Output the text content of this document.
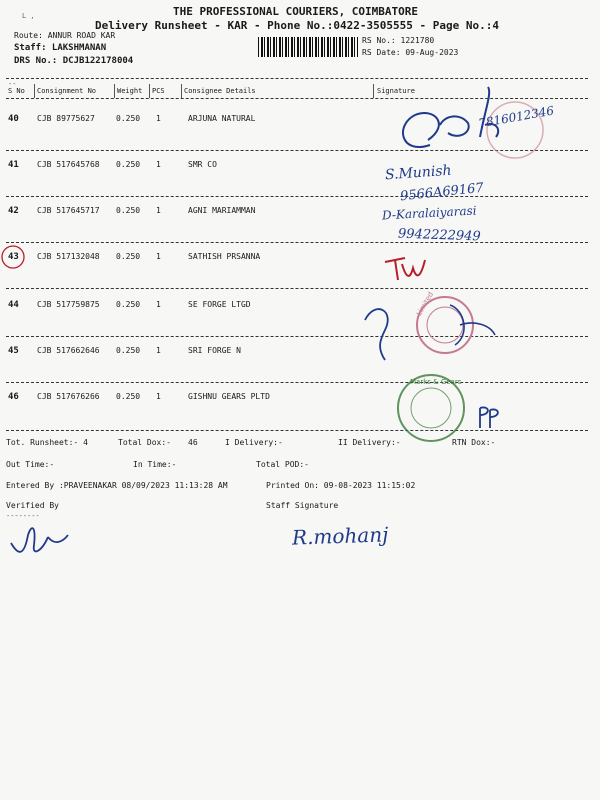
L ,	THE PROFESSIONAL COURIERS, COIMBATORE
Delivery Runsheet - KAR - Phone No.:0422-3505555 - Page No.:4
Route: ANNUR ROAD KAR
Staff: LAKSHMANAN
DRS No.: DCJB122178004
RS No.: 1221780
RS Date: 09-Aug-2023
--
S No Consignment No	Weight PCS	Consignee Details	Signature
40 CJB 89775627	0.250 1	ARJUNA NATURAL
41 CJB 517645768 0.250 1	SMR CO
42 CJB 517645717 0.250 1	AGNI MARIAMMAN
43 CJB 517132048 0.250 1	SATHISH PRSANNA
44 CJB 517759875 0.250 1	SE FORGE LTGD
45 CJB 517662646 0.250 1	SRI FORGE N
46 CJB 517676266 0.250 1	GISHNU GEARS PLTD
Tot. Runsheet:- 4	Total Dox:- 46	I Delivery:-	II Delivery:-	RTN Dox:-
Out Time:-	In Time:-	Total POD:-
Entered By :PRAVEENAKAR 08/09/2023 11:13:28 AM	Printed On: 09-08-2023 11:15:02
Verified By	Staff Signature
--------
7816012346
S.Munish
9566A69167
D-Karalaiyarasi
9942222949
Limited
Marks & Gears
R.mohanj
